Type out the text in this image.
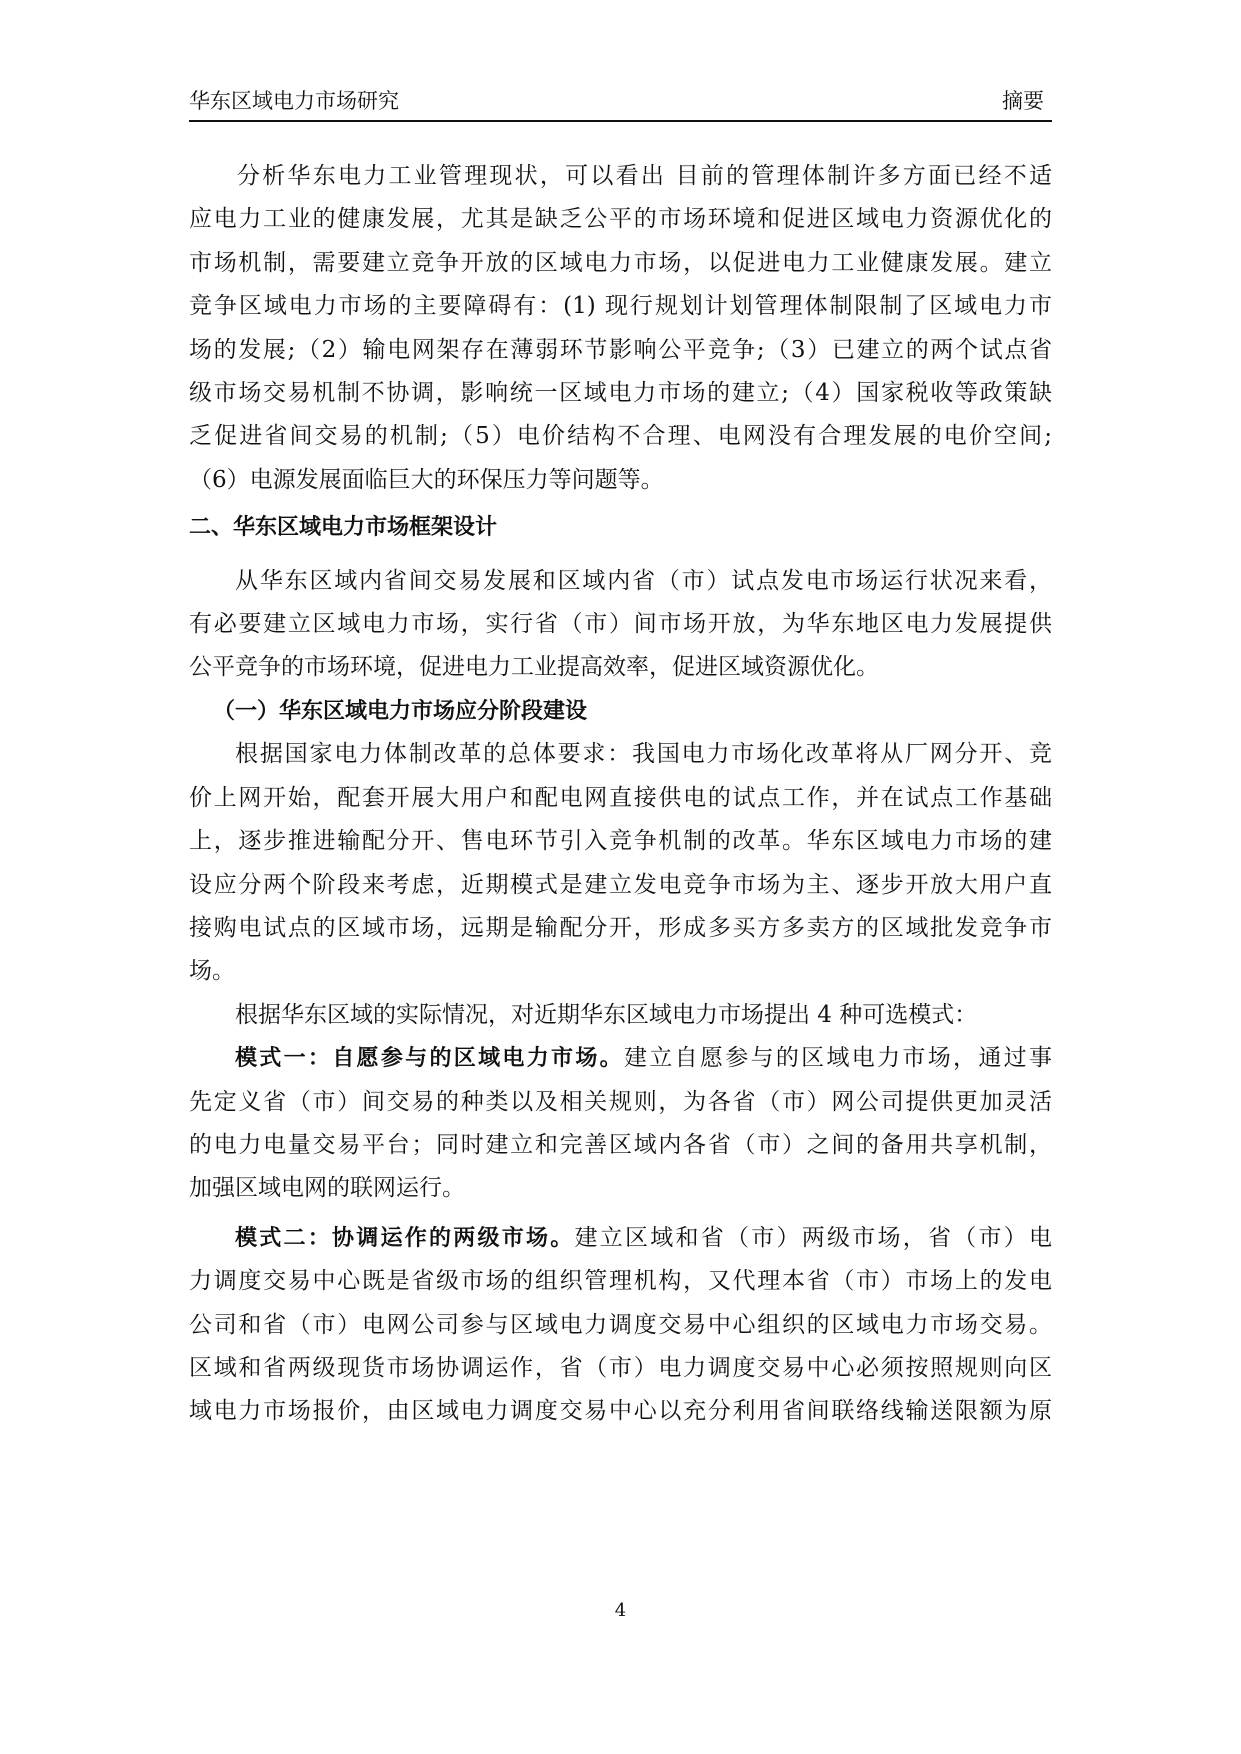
华东区域电力市场研究	摘要
分析华东电力工业管理现状，可以看出 目前的管理体制许多方面已经不适
应电力工业的健康发展，尤其是缺乏公平的市场环境和促进区域电力资源优化的
市场机制，需要建立竞争开放的区域电力市场，以促进电力工业健康发展。建立
竞争区域电力市场的主要障碍有：(1) 现行规划计划管理体制限制了区域电力市
场的发展;（2）输电网架存在薄弱环节影响公平竞争;（3）已建立的两个试点省
级市场交易机制不协调，影响统一区域电力市场的建立;（4）国家税收等政策缺
乏促进省间交易的机制;（5）电价结构不合理、电网没有合理发展的电价空间;
（6）电源发展面临巨大的环保压力等问题等。
二、华东区域电力市场框架设计
从华东区域内省间交易发展和区域内省（市）试点发电市场运行状况来看，
有必要建立区域电力市场，实行省（市）间市场开放，为华东地区电力发展提供
公平竞争的市场环境，促进电力工业提高效率，促进区域资源优化。
（一）华东区域电力市场应分阶段建设
根据国家电力体制改革的总体要求：我国电力市场化改革将从厂网分开、竞
价上网开始，配套开展大用户和配电网直接供电的试点工作，并在试点工作基础
上，逐步推进输配分开、售电环节引入竞争机制的改革。华东区域电力市场的建
设应分两个阶段来考虑，近期模式是建立发电竞争市场为主、逐步开放大用户直
接购电试点的区域市场，远期是输配分开，形成多买方多卖方的区域批发竞争市
场。
根据华东区域的实际情况，对近期华东区域电力市场提出 4 种可选模式：
模式一：自愿参与的区域电力市场。建立自愿参与的区域电力市场，通过事
先定义省（市）间交易的种类以及相关规则，为各省（市）网公司提供更加灵活
的电力电量交易平台；同时建立和完善区域内各省（市）之间的备用共享机制，
加强区域电网的联网运行。
模式二：协调运作的两级市场。建立区域和省（市）两级市场，省（市）电
力调度交易中心既是省级市场的组织管理机构，又代理本省（市）市场上的发电
公司和省（市）电网公司参与区域电力调度交易中心组织的区域电力市场交易。
区域和省两级现货市场协调运作，省（市）电力调度交易中心必须按照规则向区
域电力市场报价，由区域电力调度交易中心以充分利用省间联络线输送限额为原
4
